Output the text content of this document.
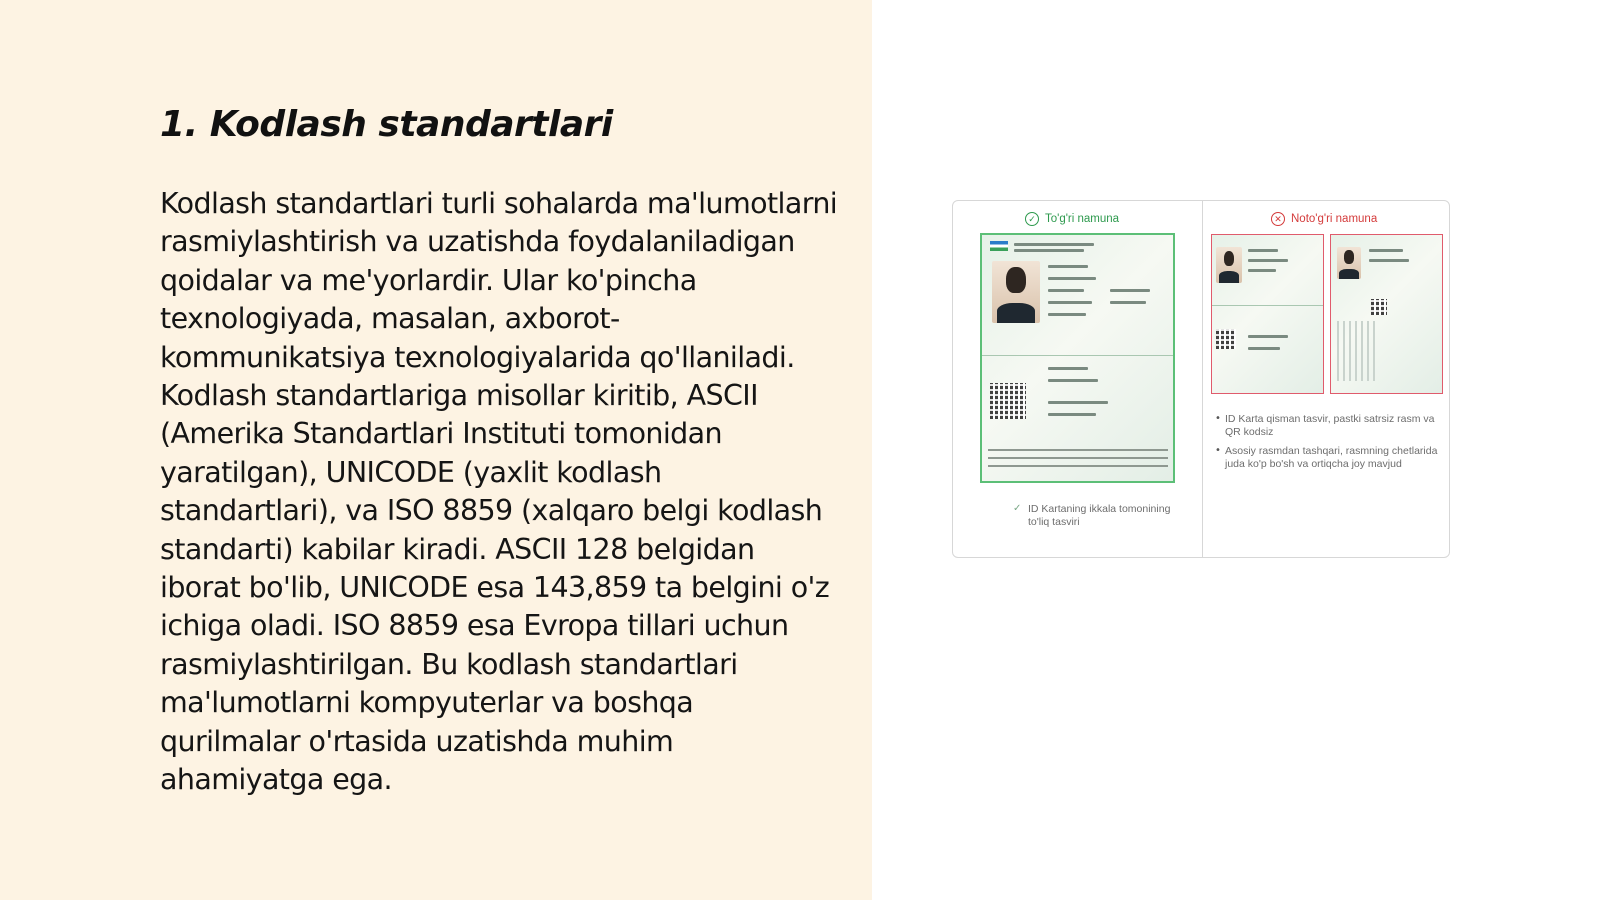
1. Kodlash standartlari

Kodlash standartlari turli sohalarda ma'lumotlarni rasmiylashtirish va uzatishda foydalaniladigan qoidalar va me'yorlardir. Ular ko'pincha texnologiyada, masalan, axborot-kommunikatsiya texnologiyalarida qo'llaniladi. Kodlash standartlariga misollar kiritib, ASCII (Amerika Standartlari Instituti tomonidan yaratilgan), UNICODE (yaxlit kodlash standartlari), va ISO 8859 (xalqaro belgi kodlash standarti) kabilar kiradi. ASCII 128 belgidan iborat bo'lib, UNICODE esa 143,859 ta belgini o'z ichiga oladi. ISO 8859 esa Evropa tillari uchun rasmiylashtirilgan. Bu kodlash standartlari ma'lumotlarni kompyuterlar va boshqa qurilmalar o'rtasida uzatishda muhim ahamiyatga ega.

✓ To'g'ri namuna	✕ Noto'g'ri namuna
✓ ID Kartaning ikkala tomonining to'liq tasviri
• ID Karta qisman tasvir, pastki satrsiz rasm va QR kodsiz
• Asosiy rasmdan tashqari, rasmning chetlarida juda ko'p bo'sh va ortiqcha joy mavjud
